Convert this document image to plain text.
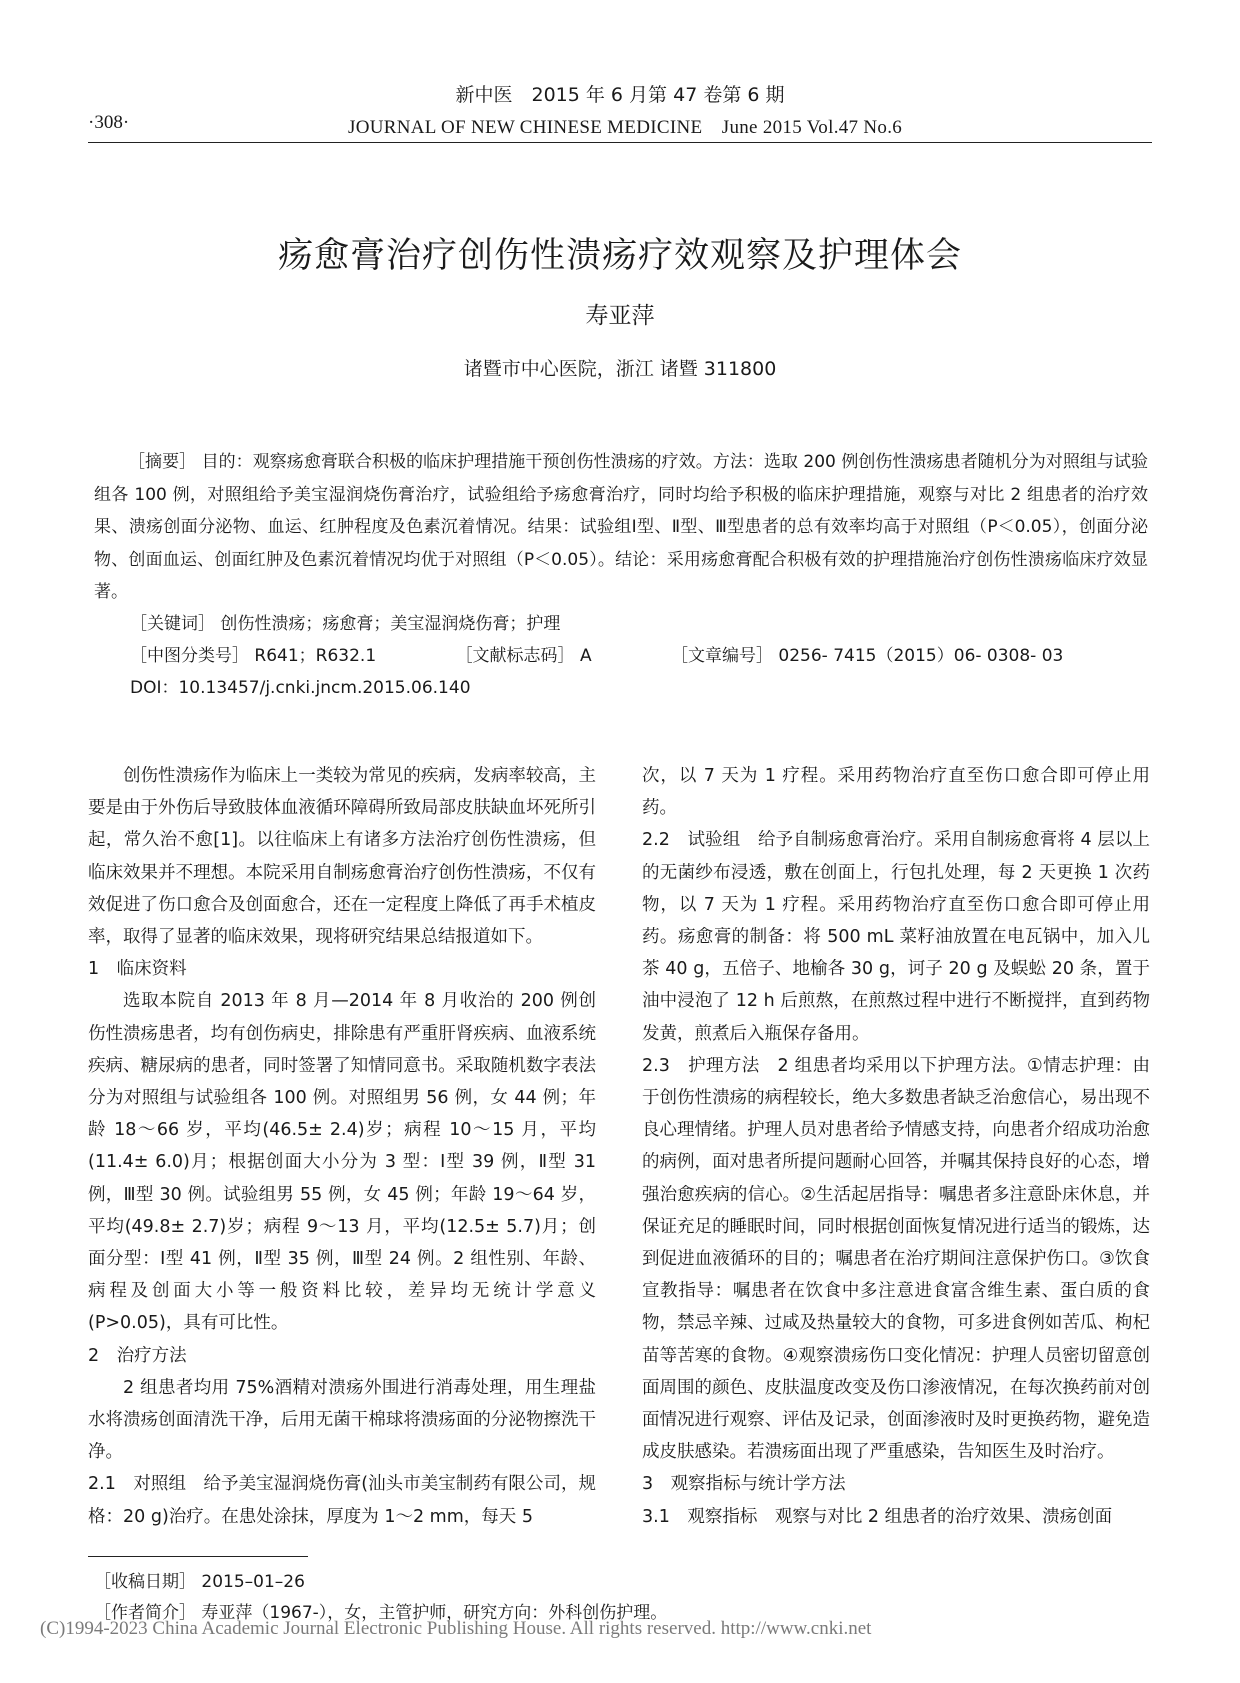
新中医　2015 年 6 月第 47 卷第 6 期
·308·	JOURNAL OF NEW CHINESE MEDICINE　June 2015 Vol.47 No.6
疡愈膏治疗创伤性溃疡疗效观察及护理体会
寿亚萍
诸暨市中心医院，浙江 诸暨 311800

［摘要］ 目的：观察疡愈膏联合积极的临床护理措施干预创伤性溃疡的疗效。方法：选取 200 例创伤性溃疡患者随机分为对照组与试验组各 100 例，对照组给予美宝湿润烧伤膏治疗，试验组给予疡愈膏治疗，同时均给予积极的临床护理措施，观察与对比 2 组患者的治疗效果、溃疡创面分泌物、血运、红肿程度及色素沉着情况。结果：试验组Ⅰ型、Ⅱ型、Ⅲ型患者的总有效率均高于对照组（P＜0.05），创面分泌物、创面血运、创面红肿及色素沉着情况均优于对照组（P＜0.05）。结论：采用疡愈膏配合积极有效的护理措施治疗创伤性溃疡临床疗效显著。

［关键词］ 创伤性溃疡；疡愈膏；美宝湿润烧伤膏；护理
［中图分类号］ R641；R632.1	［文献标志码］ A	［文章编号］ 0256- 7415（2015）06- 0308- 03
DOI：10.13457/j.cnki.jncm.2015.06.140

创伤性溃疡作为临床上一类较为常见的疾病，发病率较高，主要是由于外伤后导致肢体血液循环障碍所致局部皮肤缺血坏死所引起，常久治不愈[1]。以往临床上有诸多方法治疗创伤性溃疡，但临床效果并不理想。本院采用自制疡愈膏治疗创伤性溃疡，不仅有效促进了伤口愈合及创面愈合，还在一定程度上降低了再手术植皮率，取得了显著的临床效果，现将研究结果总结报道如下。

1　临床资料

选取本院自 2013 年 8 月—2014 年 8 月收治的 200 例创伤性溃疡患者，均有创伤病史，排除患有严重肝肾疾病、血液系统疾病、糖尿病的患者，同时签署了知情同意书。采取随机数字表法分为对照组与试验组各 100 例。对照组男 56 例，女 44 例；年龄 18～66 岁，平均(46.5± 2.4)岁；病程 10～15 月，平均(11.4± 6.0)月；根据创面大小分为 3 型：Ⅰ型 39 例，Ⅱ型 31 例，Ⅲ型 30 例。试验组男 55 例，女 45 例；年龄 19～64 岁，平均(49.8± 2.7)岁；病程 9～13 月，平均(12.5± 5.7)月；创面分型：Ⅰ型 41 例，Ⅱ型 35 例，Ⅲ型 24 例。2 组性别、年龄、病程及创面大小等一般资料比较，差异均无统计学意义(P>0.05)，具有可比性。

2　治疗方法

2 组患者均用 75%酒精对溃疡外围进行消毒处理，用生理盐水将溃疡创面清洗干净，后用无菌干棉球将溃疡面的分泌物擦洗干净。

2.1　对照组　给予美宝湿润烧伤膏(汕头市美宝制药有限公司，规格：20 g)治疗。在患处涂抹，厚度为 1～2 mm，每天 5

次，以 7 天为 1 疗程。采用药物治疗直至伤口愈合即可停止用药。

2.2　试验组　给予自制疡愈膏治疗。采用自制疡愈膏将 4 层以上的无菌纱布浸透，敷在创面上，行包扎处理，每 2 天更换 1 次药物，以 7 天为 1 疗程。采用药物治疗直至伤口愈合即可停止用药。疡愈膏的制备：将 500 mL 菜籽油放置在电瓦锅中，加入儿茶 40 g，五倍子、地榆各 30 g，诃子 20 g 及蜈蚣 20 条，置于油中浸泡了 12 h 后煎熬，在煎熬过程中进行不断搅拌，直到药物发黄，煎煮后入瓶保存备用。

2.3　护理方法　2 组患者均采用以下护理方法。①情志护理：由于创伤性溃疡的病程较长，绝大多数患者缺乏治愈信心，易出现不良心理情绪。护理人员对患者给予情感支持，向患者介绍成功治愈的病例，面对患者所提问题耐心回答，并嘱其保持良好的心态，增强治愈疾病的信心。②生活起居指导：嘱患者多注意卧床休息，并保证充足的睡眠时间，同时根据创面恢复情况进行适当的锻炼，达到促进血液循环的目的；嘱患者在治疗期间注意保护伤口。③饮食宣教指导：嘱患者在饮食中多注意进食富含维生素、蛋白质的食物，禁忌辛辣、过咸及热量较大的食物，可多进食例如苦瓜、枸杞苗等苦寒的食物。④观察溃疡伤口变化情况：护理人员密切留意创面周围的颜色、皮肤温度改变及伤口渗液情况，在每次换药前对创面情况进行观察、评估及记录，创面渗液时及时更换药物，避免造成皮肤感染。若溃疡面出现了严重感染，告知医生及时治疗。

3　观察指标与统计学方法

3.1　观察指标　观察与对比 2 组患者的治疗效果、溃疡创面

［收稿日期］ 2015–01–26
［作者简介］ 寿亚萍（1967-），女，主管护师，研究方向：外科创伤护理。
(C)1994-2023 China Academic Journal Electronic Publishing House. All rights reserved. http://www.cnki.net
